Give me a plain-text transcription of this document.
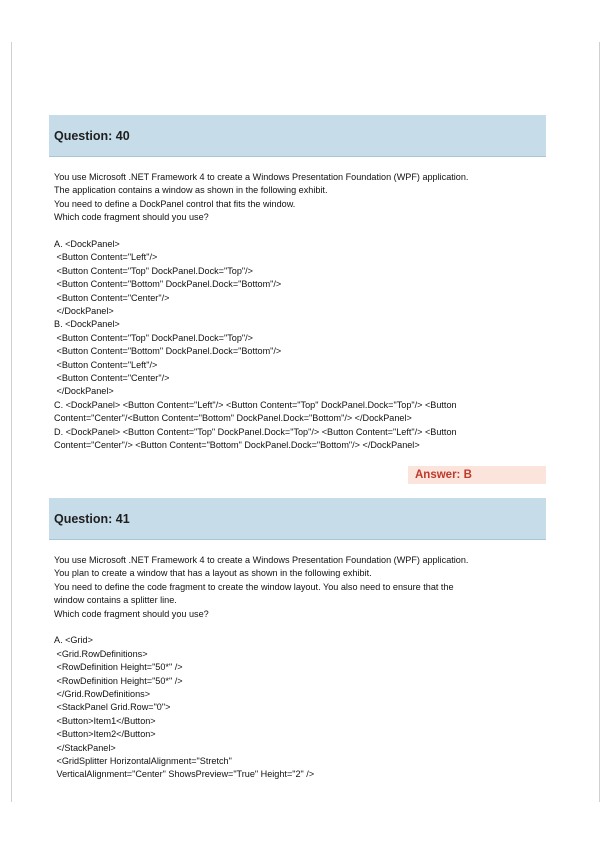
Question: 40
You use Microsoft .NET Framework 4 to create a Windows Presentation Foundation (WPF) application.
The application contains a window as shown in the following exhibit.
You need to define a DockPanel control that fits the window.
Which code fragment should you use?
A. <DockPanel>
<Button Content="Left"/>
<Button Content="Top" DockPanel.Dock="Top"/>
<Button Content="Bottom" DockPanel.Dock="Bottom"/>
<Button Content="Center"/>
</DockPanel>
B. <DockPanel>
<Button Content="Top" DockPanel.Dock="Top"/>
<Button Content="Bottom" DockPanel.Dock="Bottom"/>
<Button Content="Left"/>
<Button Content="Center"/>
</DockPanel>
C. <DockPanel> <Button Content="Left"/> <Button Content="Top" DockPanel.Dock="Top"/> <Button
Content="Center"/<Button Content="Bottom" DockPanel.Dock="Bottom"/> </DockPanel>
D. <DockPanel> <Button Content="Top" DockPanel.Dock="Top"/> <Button Content="Left"/> <Button
Content="Center"/> <Button Content="Bottom" DockPanel.Dock="Bottom"/> </DockPanel>
Answer: B
Question: 41
You use Microsoft .NET Framework 4 to create a Windows Presentation Foundation (WPF) application.
You plan to create a window that has a layout as shown in the following exhibit.
You need to define the code fragment to create the window layout. You also need to ensure that the
window contains a splitter line.
Which code fragment should you use?
A. <Grid>
<Grid.RowDefinitions>
<RowDefinition Height="50*" />
<RowDefinition Height="50*" />
</Grid.RowDefinitions>
<StackPanel Grid.Row="0">
<Button>Item1</Button>
<Button>Item2</Button>
</StackPanel>
<GridSplitter HorizontalAlignment="Stretch"
VerticalAlignment="Center" ShowsPreview="True" Height="2" />
